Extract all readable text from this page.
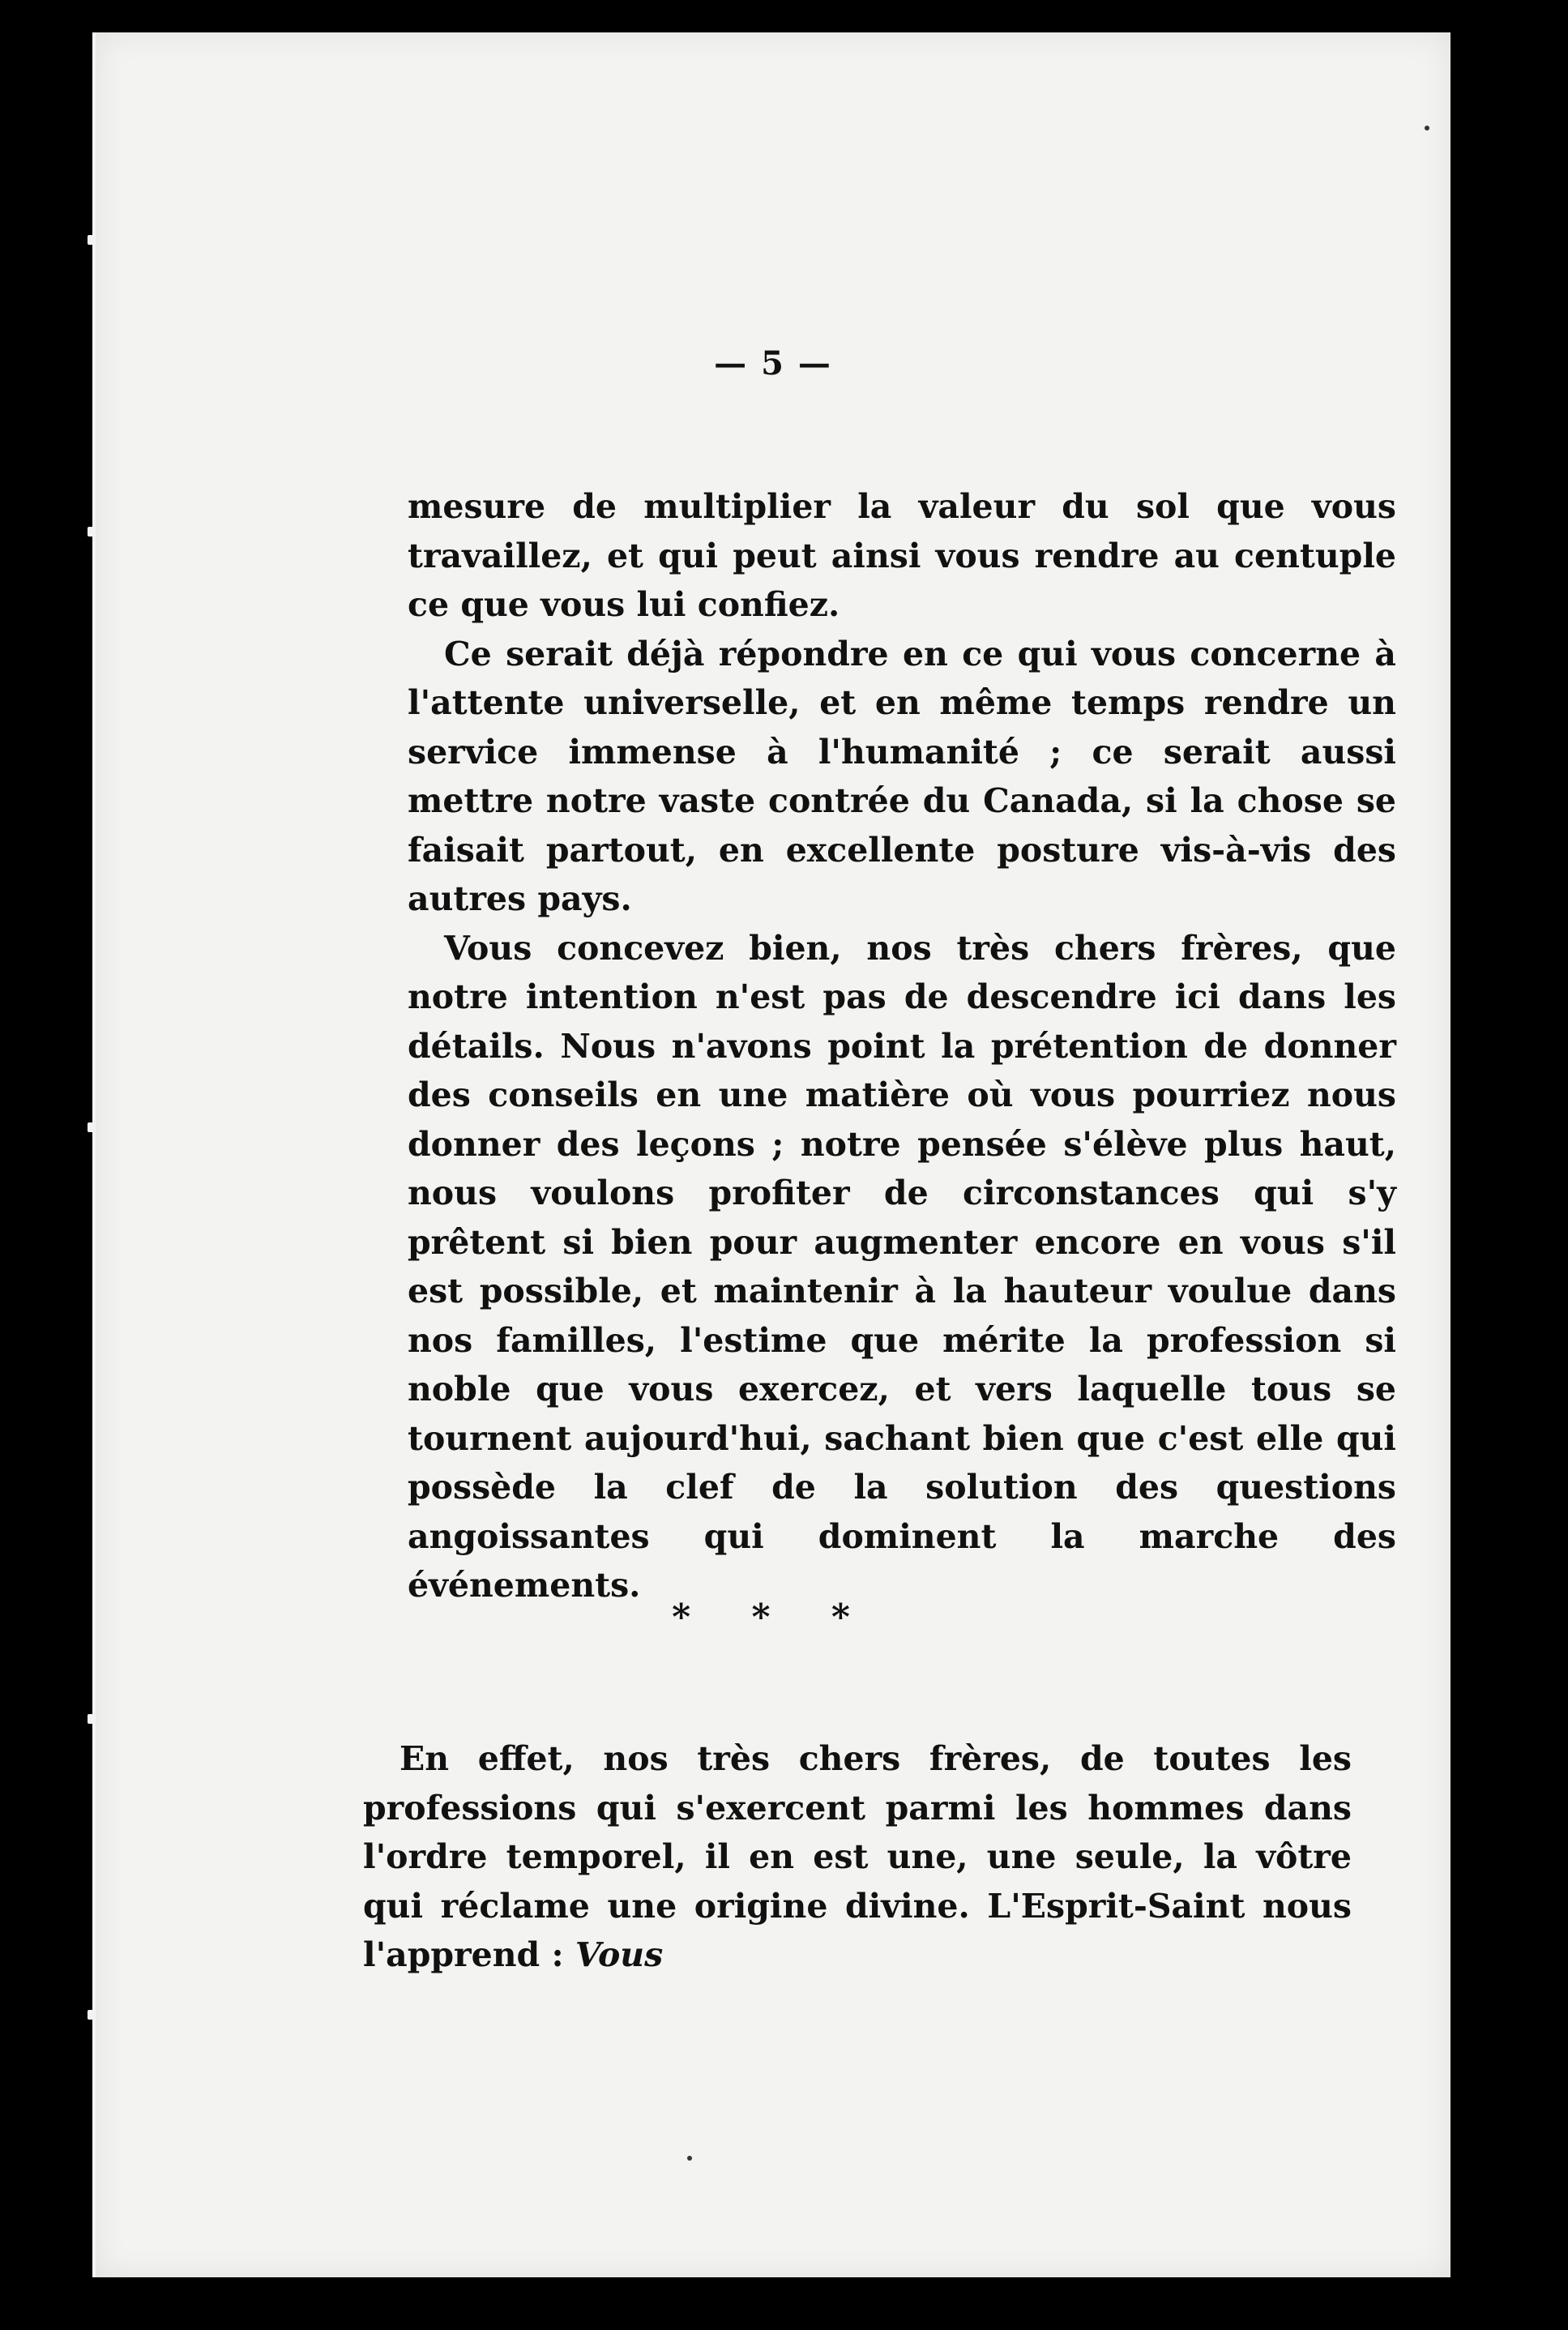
— 5 —

mesure de multiplier la valeur du sol que vous travaillez, et qui peut ainsi vous rendre au centuple ce que vous lui confiez.

Ce serait déjà répondre en ce qui vous concerne à l'attente universelle, et en même temps rendre un service immense à l'humanité ; ce serait aussi mettre notre vaste contrée du Canada, si la chose se faisait partout, en excellente posture vis-à-vis des autres pays.

Vous concevez bien, nos très chers frères, que notre intention n'est pas de descendre ici dans les détails. Nous n'avons point la prétention de donner des conseils en une matière où vous pourriez nous donner des leçons ; notre pensée s'élève plus haut, nous voulons profiter de circonstances qui s'y prêtent si bien pour augmenter encore en vous s'il est possible, et maintenir à la hauteur voulue dans nos familles, l'estime que mérite la profession si noble que vous exercez, et vers laquelle tous se tournent aujourd'hui, sachant bien que c'est elle qui possède la clef de la solution des questions angoissantes qui dominent la marche des événements.

* * *

En effet, nos très chers frères, de toutes les professions qui s'exercent parmi les hommes dans l'ordre temporel, il en est une, une seule, la vôtre qui réclame une origine divine. L'Esprit-Saint nous l'apprend : Vous
